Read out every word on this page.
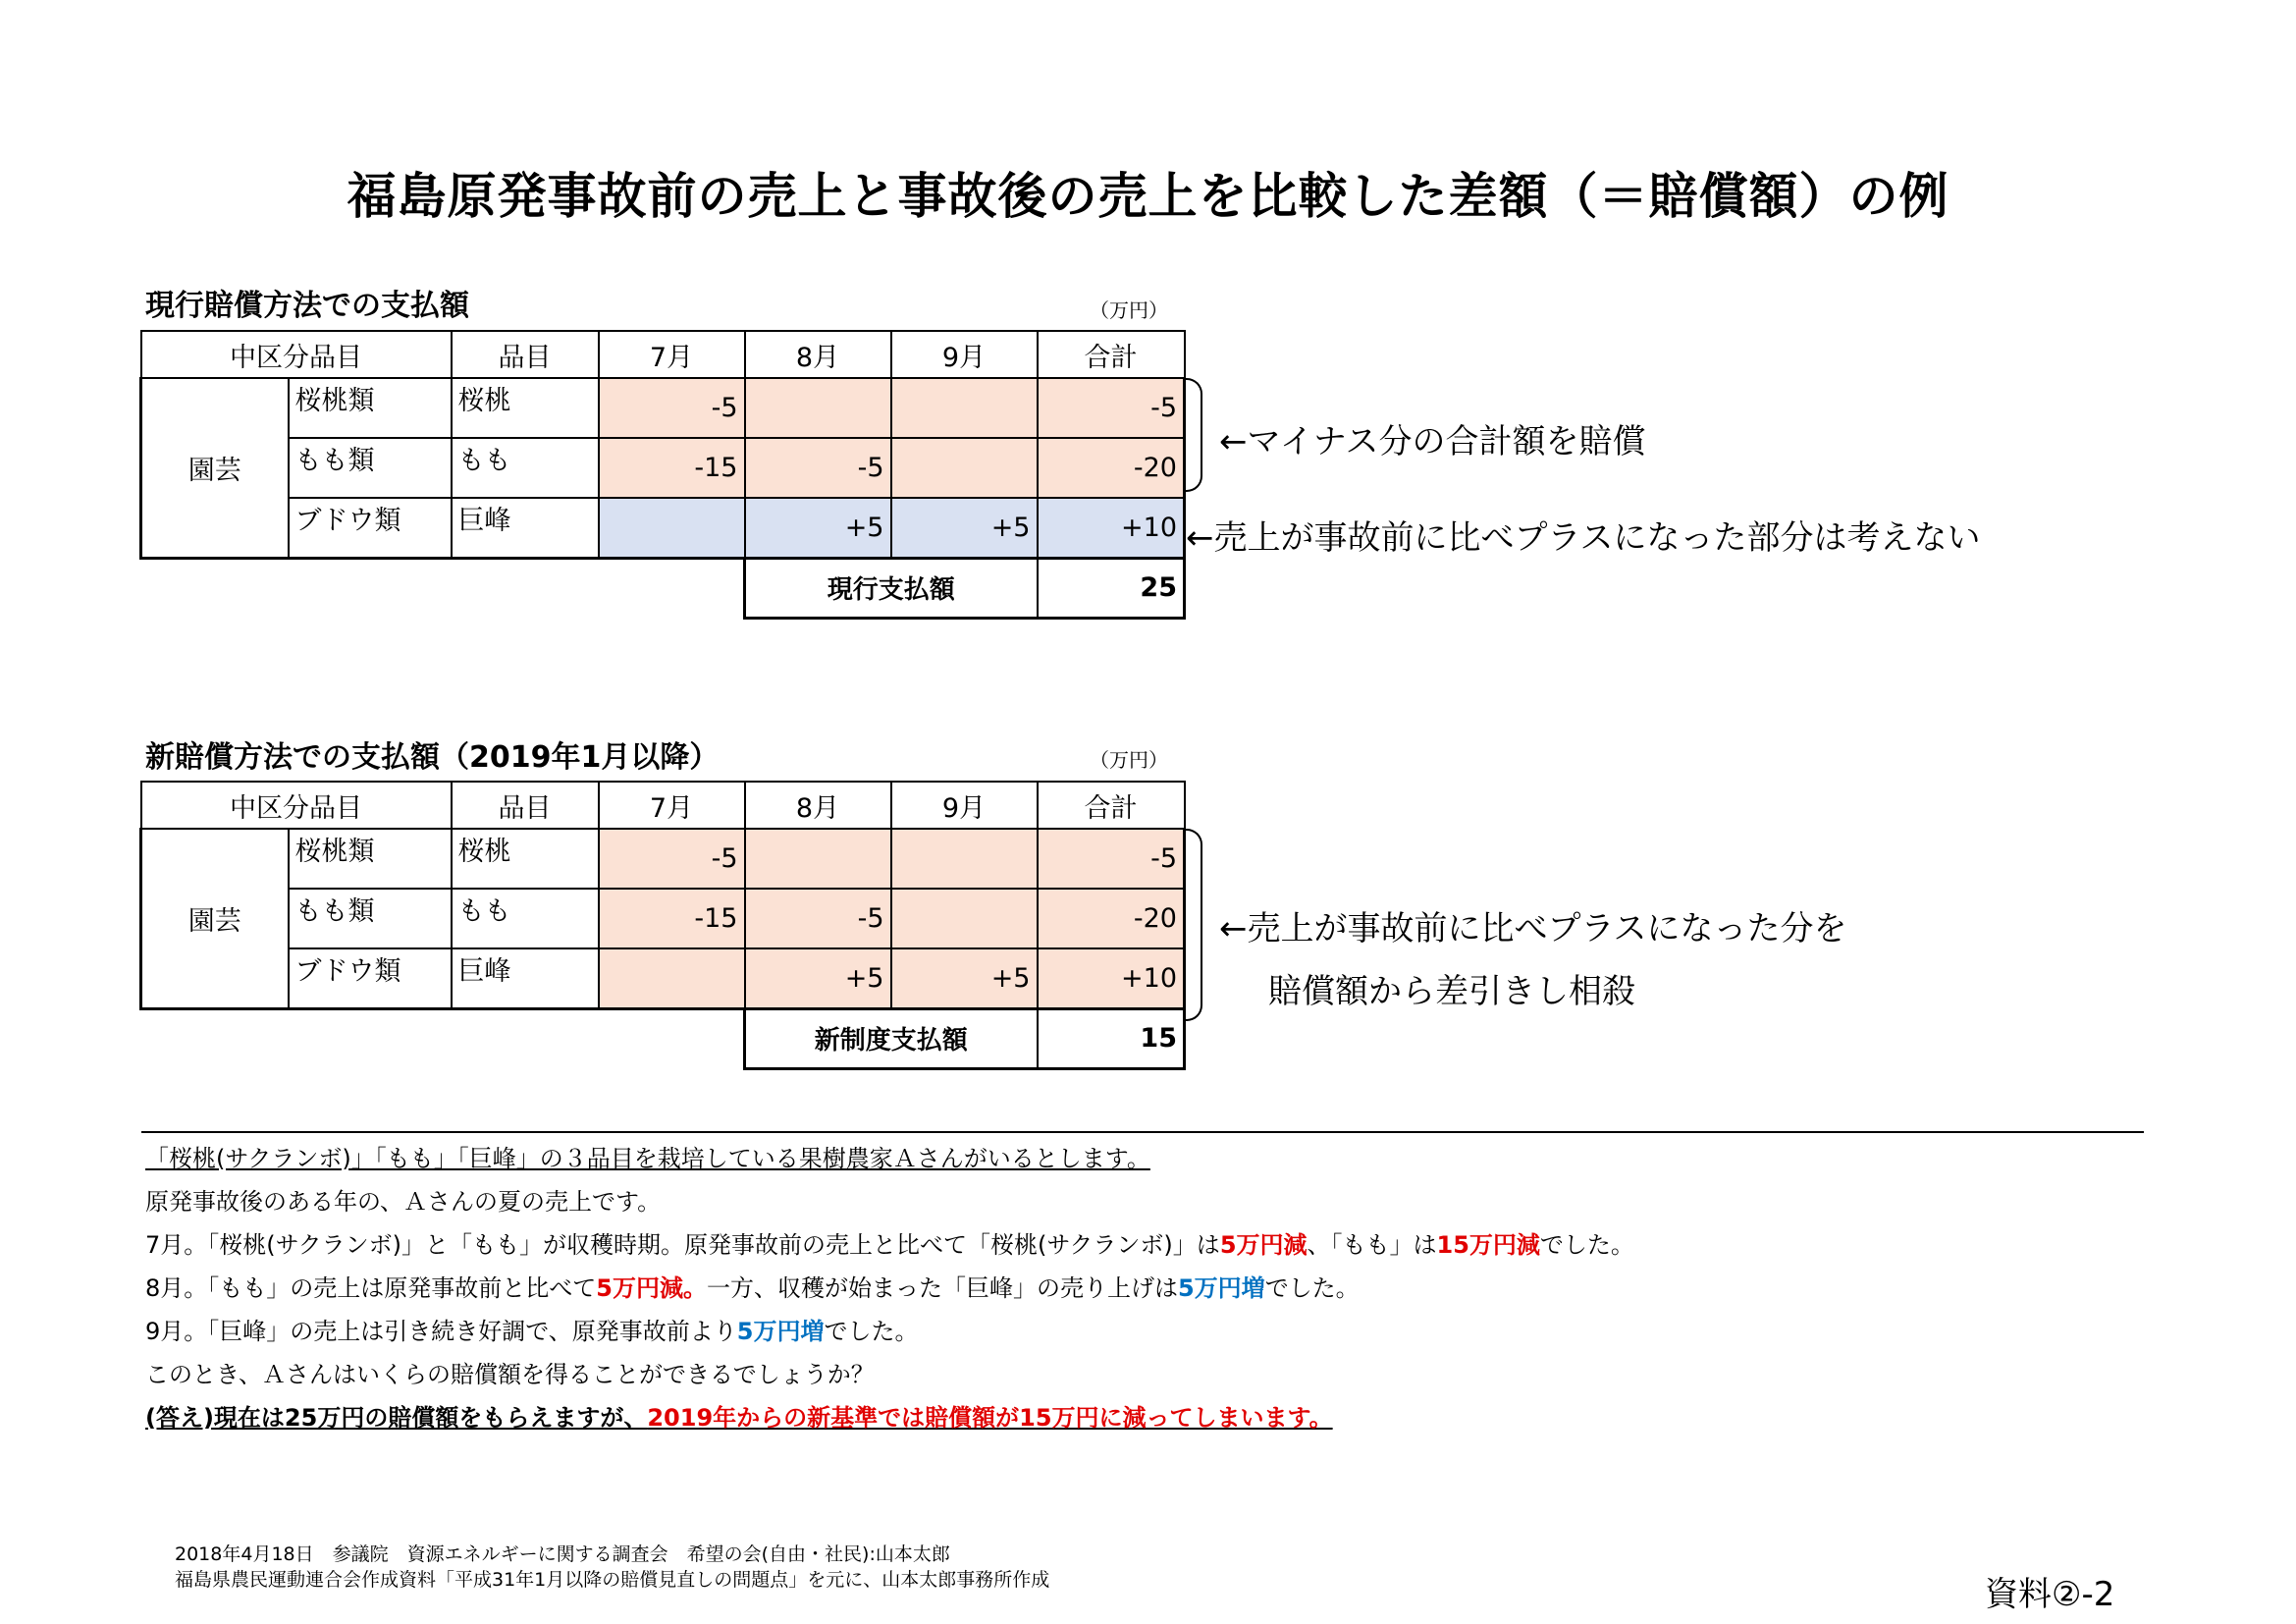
福島原発事故前の売上と事故後の売上を比較した差額（＝賠償額）の例
現行賠償方法での支払額	（万円）
中区分品目		品目	7月	8月	9月	合計
園芸	桜桃類	桜桃	-5			-5
	もも類	もも	-15	-5		-20
	ブドウ類	巨峰		+5	+5	+10
				現行支払額		25
←マイナス分の合計額を賠償
←売上が事故前に比べプラスになった部分は考えない
新賠償方法での支払額（2019年1月以降）	（万円）
中区分品目		品目	7月	8月	9月	合計
園芸	桜桃類	桜桃	-5			-5
	もも類	もも	-15	-5		-20
	ブドウ類	巨峰		+5	+5	+10
				新制度支払額		15
←売上が事故前に比べプラスになった分を
賠償額から差引きし相殺
「桜桃(サクランボ)」「もも」「巨峰」の３品目を栽培している果樹農家Ａさんがいるとします。
原発事故後のある年の、Ａさんの夏の売上です。
7月。「桜桃(サクランボ)」と「もも」が収穫時期。原発事故前の売上と比べて「桜桃(サクランボ)」は5万円減、「もも」は15万円減でした。
8月。「もも」の売上は原発事故前と比べて5万円減。一方、収穫が始まった「巨峰」の売り上げは5万円増でした。
9月。「巨峰」の売上は引き続き好調で、原発事故前より5万円増でした。
このとき、Ａさんはいくらの賠償額を得ることができるでしょうか？
(答え)現在は25万円の賠償額をもらえますが、2019年からの新基準では賠償額が15万円に減ってしまいます。
2018年4月18日　参議院　資源エネルギーに関する調査会　希望の会(自由・社民):山本太郎
福島県農民運動連合会作成資料「平成31年1月以降の賠償見直しの問題点」を元に、山本太郎事務所作成	資料②-2
